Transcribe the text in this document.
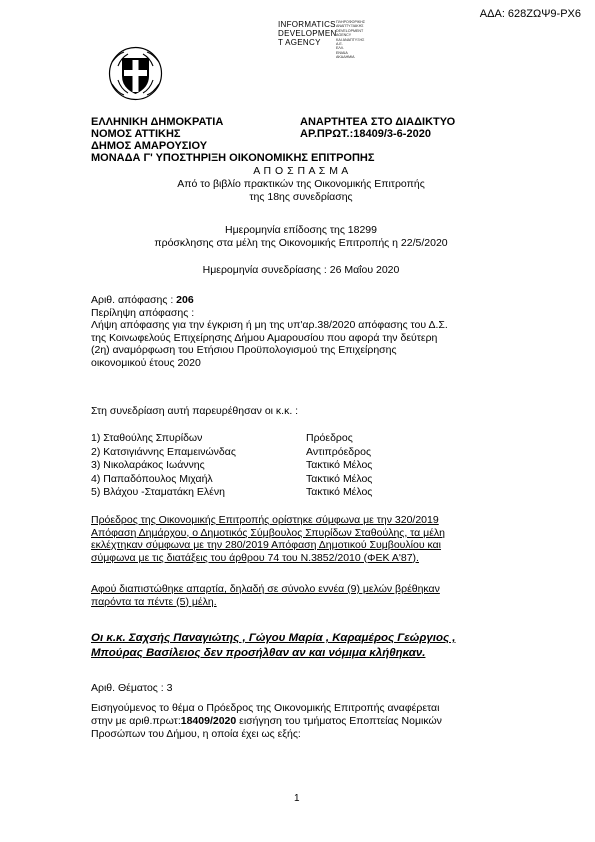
ΑΔΑ: 628ΖΩΨ9-ΡΧ6
INFORMATICS
DEVELOPMEN
T AGENCY
ΠΛΗΡΟΦΟΡΙΚΗΣ
ΑΝΑΠΤΥΞΙΑΚΗΣ
DEVELOPMENT AGENCY
ΚΑΙ ΑΝΑΠΤΥΞΗΣ Α.Ε.
ΕΛΛ.
ΕΝΙΑΙΑ
ΑΚΑΔΗΜΙΑ
ΕΛΛΗΝΙΚΗ ΔΗΜΟΚΡΑΤΙΑ
ΝΟΜΟΣ ΑΤΤΙΚΗΣ
ΔΗΜΟΣ ΑΜΑΡΟΥΣΙΟΥ
ΑΝΑΡΤΗΤΕΑ ΣΤΟ ΔΙΑΔΙΚΤΥΟ
ΑΡ.ΠΡΩΤ.:18409/3-6-2020
ΜΟΝΑΔΑ Γ' ΥΠΟΣΤΗΡΙΞΗ ΟΙΚΟΝΟΜΙΚΗΣ ΕΠΙΤΡΟΠΗΣ
Α Π Ο Σ Π Α Σ Μ Α
Από το βιβλίο πρακτικών της Οικονομικής Επιτροπής
της 18ης συνεδρίασης
Ημερομηνία επίδοσης της 18299
πρόσκλησης στα μέλη της Οικονομικής Επιτροπής η 22/5/2020
Ημερομηνία συνεδρίασης : 26 Μαΐου 2020
Αριθ. απόφασης : 206
Περίληψη απόφασης :
Λήψη απόφασης για την έγκριση ή μη της υπ'αρ.38/2020 απόφασης του Δ.Σ.
της Κοινωφελούς Επιχείρησης Δήμου Αμαρουσίου που αφορά την δεύτερη
(2η) αναμόρφωση του Ετήσιου Προϋπολογισμού της Επιχείρησης
οικονομικού έτους 2020
Στη συνεδρίαση αυτή παρευρέθησαν οι κ.κ. :
1) Σταθούλης Σπυρίδων	Πρόεδρος
2) Κατσιγιάννης Επαμεινώνδας	Αντιπρόεδρος
3) Νικολαράκος Ιωάννης	Τακτικό Μέλος
4) Παπαδόπουλος Μιχαήλ	Τακτικό Μέλος
5) Βλάχου -Σταματάκη Ελένη	Τακτικό Μέλος
Πρόεδρος της Οικονομικής Επιτροπής ορίστηκε σύμφωνα με την 320/2019
Απόφαση Δημάρχου, ο Δημοτικός Σύμβουλος Σπυρίδων Σταθούλης, τα μέλη
εκλέχτηκαν σύμφωνα με την 280/2019 Απόφαση Δημοτικού Συμβουλίου και
σύμφωνα με τις διατάξεις του άρθρου 74 του Ν.3852/2010 (ΦΕΚ Α'87).
Αφού διαπιστώθηκε απαρτία, δηλαδή σε σύνολο εννέα (9) μελών βρέθηκαν
παρόντα τα πέντε (5) μέλη.
Οι κ.κ. Σαχσής Παναγιώτης , Γώγου Μαρία , Καραμέρος Γεώργιος ,
Μπούρας Βασίλειος δεν προσήλθαν αν και νόμιμα κλήθηκαν.
Αριθ. Θέματος : 3
Εισηγούμενος το θέμα ο Πρόεδρος της Οικονομικής Επιτροπής αναφέρεται
στην με αριθ.πρωτ:18409/2020 εισήγηση του τμήματος Εποπτείας Νομικών
Προσώπων του Δήμου, η οποία έχει ως εξής:
1
